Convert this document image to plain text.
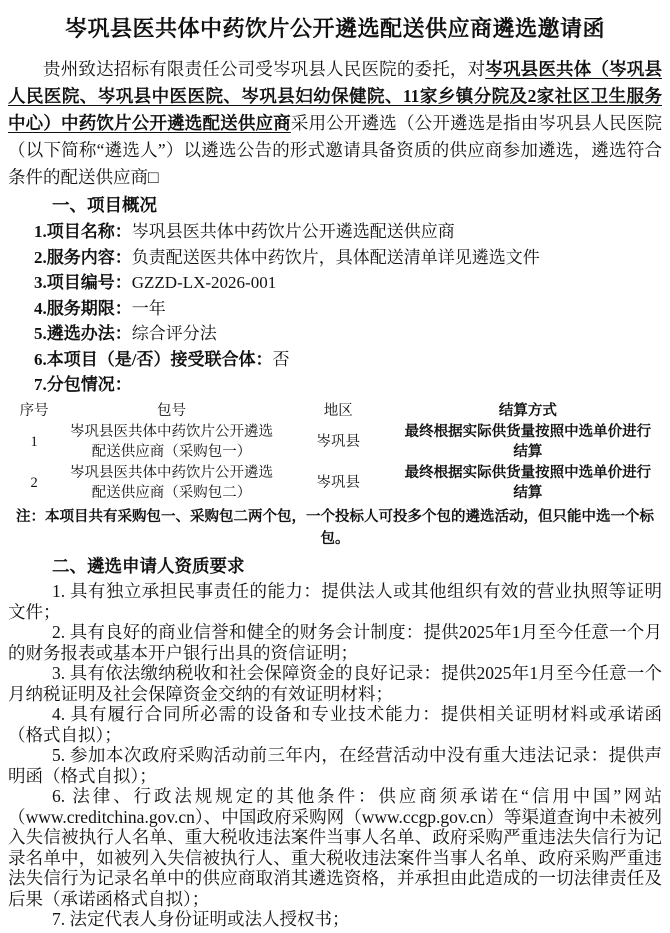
岑巩县医共体中药饮片公开遴选配送供应商遴选邀请函

贵州致达招标有限责任公司受岑巩县人民医院的委托，对岑巩县医共体（岑巩县人民医院、岑巩县中医医院、岑巩县妇幼保健院、11家乡镇分院及2家社区卫生服务中心）中药饮片公开遴选配送供应商采用公开遴选（公开遴选是指由岑巩县人民医院（以下简称“遴选人”）以遴选公告的形式邀请具备资质的供应商参加遴选，遴选符合条件的配送供应商□

一、项目概况

1.项目名称：岑巩县医共体中药饮片公开遴选配送供应商

2.服务内容：负责配送医共体中药饮片，具体配送清单详见遴选文件

3.项目编号：GZZD-LX-2026-001

4.服务期限：一年

5.遴选办法：综合评分法

6.本项目（是/否）接受联合体：否

7.分包情况：

序号	包号	地区	结算方式
1	岑巩县医共体中药饮片公开遴选配送供应商（采购包一）	岑巩县	最终根据实际供货量按照中选单价进行结算
2	岑巩县医共体中药饮片公开遴选配送供应商（采购包二）	岑巩县	最终根据实际供货量按照中选单价进行结算

注：本项目共有采购包一、采购包二两个包，一个投标人可投多个包的遴选活动，但只能中选一个标包。

二、遴选申请人资质要求

1. 具有独立承担民事责任的能力：提供法人或其他组织有效的营业执照等证明文件；

2. 具有良好的商业信誉和健全的财务会计制度：提供2025年1月至今任意一个月的财务报表或基本开户银行出具的资信证明；

3. 具有依法缴纳税收和社会保障资金的良好记录：提供2025年1月至今任意一个月纳税证明及社会保障资金交纳的有效证明材料；

4. 具有履行合同所必需的设备和专业技术能力：提供相关证明材料或承诺函（格式自拟）；

5. 参加本次政府采购活动前三年内，在经营活动中没有重大违法记录：提供声明函（格式自拟）；

6. 法律、行政法规规定的其他条件：供应商须承诺在“信用中国”网站（www.creditchina.gov.cn）、中国政府采购网（www.ccgp.gov.cn）等渠道查询中未被列入失信被执行人名单、重大税收违法案件当事人名单、政府采购严重违法失信行为记录名单中，如被列入失信被执行人、重大税收违法案件当事人名单、政府采购严重违法失信行为记录名单中的供应商取消其遴选资格，并承担由此造成的一切法律责任及后果（承诺函格式自拟）；

7. 法定代表人身份证明或法人授权书；
